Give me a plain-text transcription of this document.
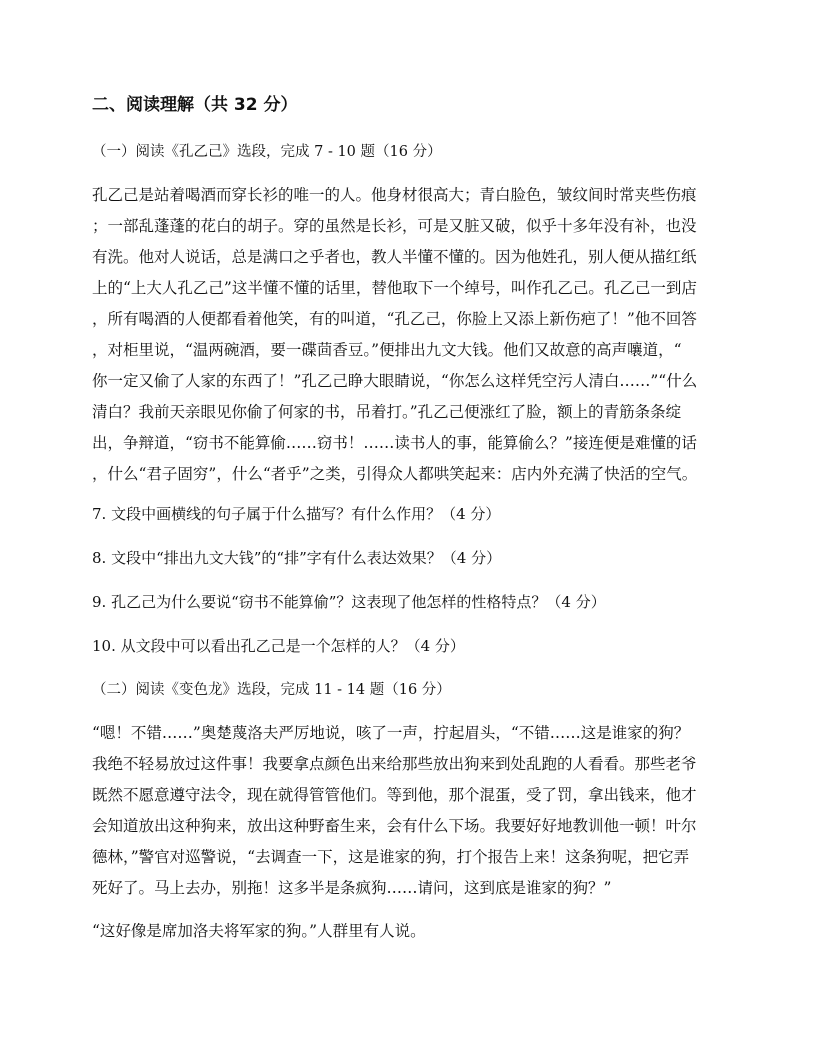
二、阅读理解（共 32 分）
（一）阅读《孔乙己》选段，完成 7 - 10 题（16 分）
孔乙己是站着喝酒而穿长衫的唯一的人。他身材很高大；青白脸色，皱纹间时常夹些伤痕
；一部乱蓬蓬的花白的胡子。穿的虽然是长衫，可是又脏又破，似乎十多年没有补，也没
有洗。他对人说话，总是满口之乎者也，教人半懂不懂的。因为他姓孔，别人便从描红纸
上的“上大人孔乙己”这半懂不懂的话里，替他取下一个绰号，叫作孔乙己。孔乙己一到店
，所有喝酒的人便都看着他笑，有的叫道，“孔乙己，你脸上又添上新伤疤了！”他不回答
，对柜里说，“温两碗酒，要一碟茴香豆。”便排出九文大钱。他们又故意的高声嚷道，“
你一定又偷了人家的东西了！”孔乙己睁大眼睛说，“你怎么这样凭空污人清白……”“什么
清白？我前天亲眼见你偷了何家的书，吊着打。”孔乙己便涨红了脸，额上的青筋条条绽
出，争辩道，“窃书不能算偷……窃书！……读书人的事，能算偷么？”接连便是难懂的话
，什么“君子固穷”，什么“者乎”之类，引得众人都哄笑起来：店内外充满了快活的空气。
7. 文段中画横线的句子属于什么描写？有什么作用？（4 分）
8. 文段中“排出九文大钱”的“排”字有什么表达效果？（4 分）
9. 孔乙己为什么要说“窃书不能算偷”？这表现了他怎样的性格特点？（4 分）
10. 从文段中可以看出孔乙己是一个怎样的人？（4 分）
（二）阅读《变色龙》选段，完成 11 - 14 题（16 分）
“嗯！不错……”奥楚蔑洛夫严厉地说，咳了一声，拧起眉头，“不错……这是谁家的狗？
我绝不轻易放过这件事！我要拿点颜色出来给那些放出狗来到处乱跑的人看看。那些老爷
既然不愿意遵守法令，现在就得管管他们。等到他，那个混蛋，受了罚，拿出钱来，他才
会知道放出这种狗来，放出这种野畜生来，会有什么下场。我要好好地教训他一顿！叶尔
德林，”警官对巡警说，“去调查一下，这是谁家的狗，打个报告上来！这条狗呢，把它弄
死好了。马上去办，别拖！这多半是条疯狗……请问，这到底是谁家的狗？”
“这好像是席加洛夫将军家的狗。”人群里有人说。
